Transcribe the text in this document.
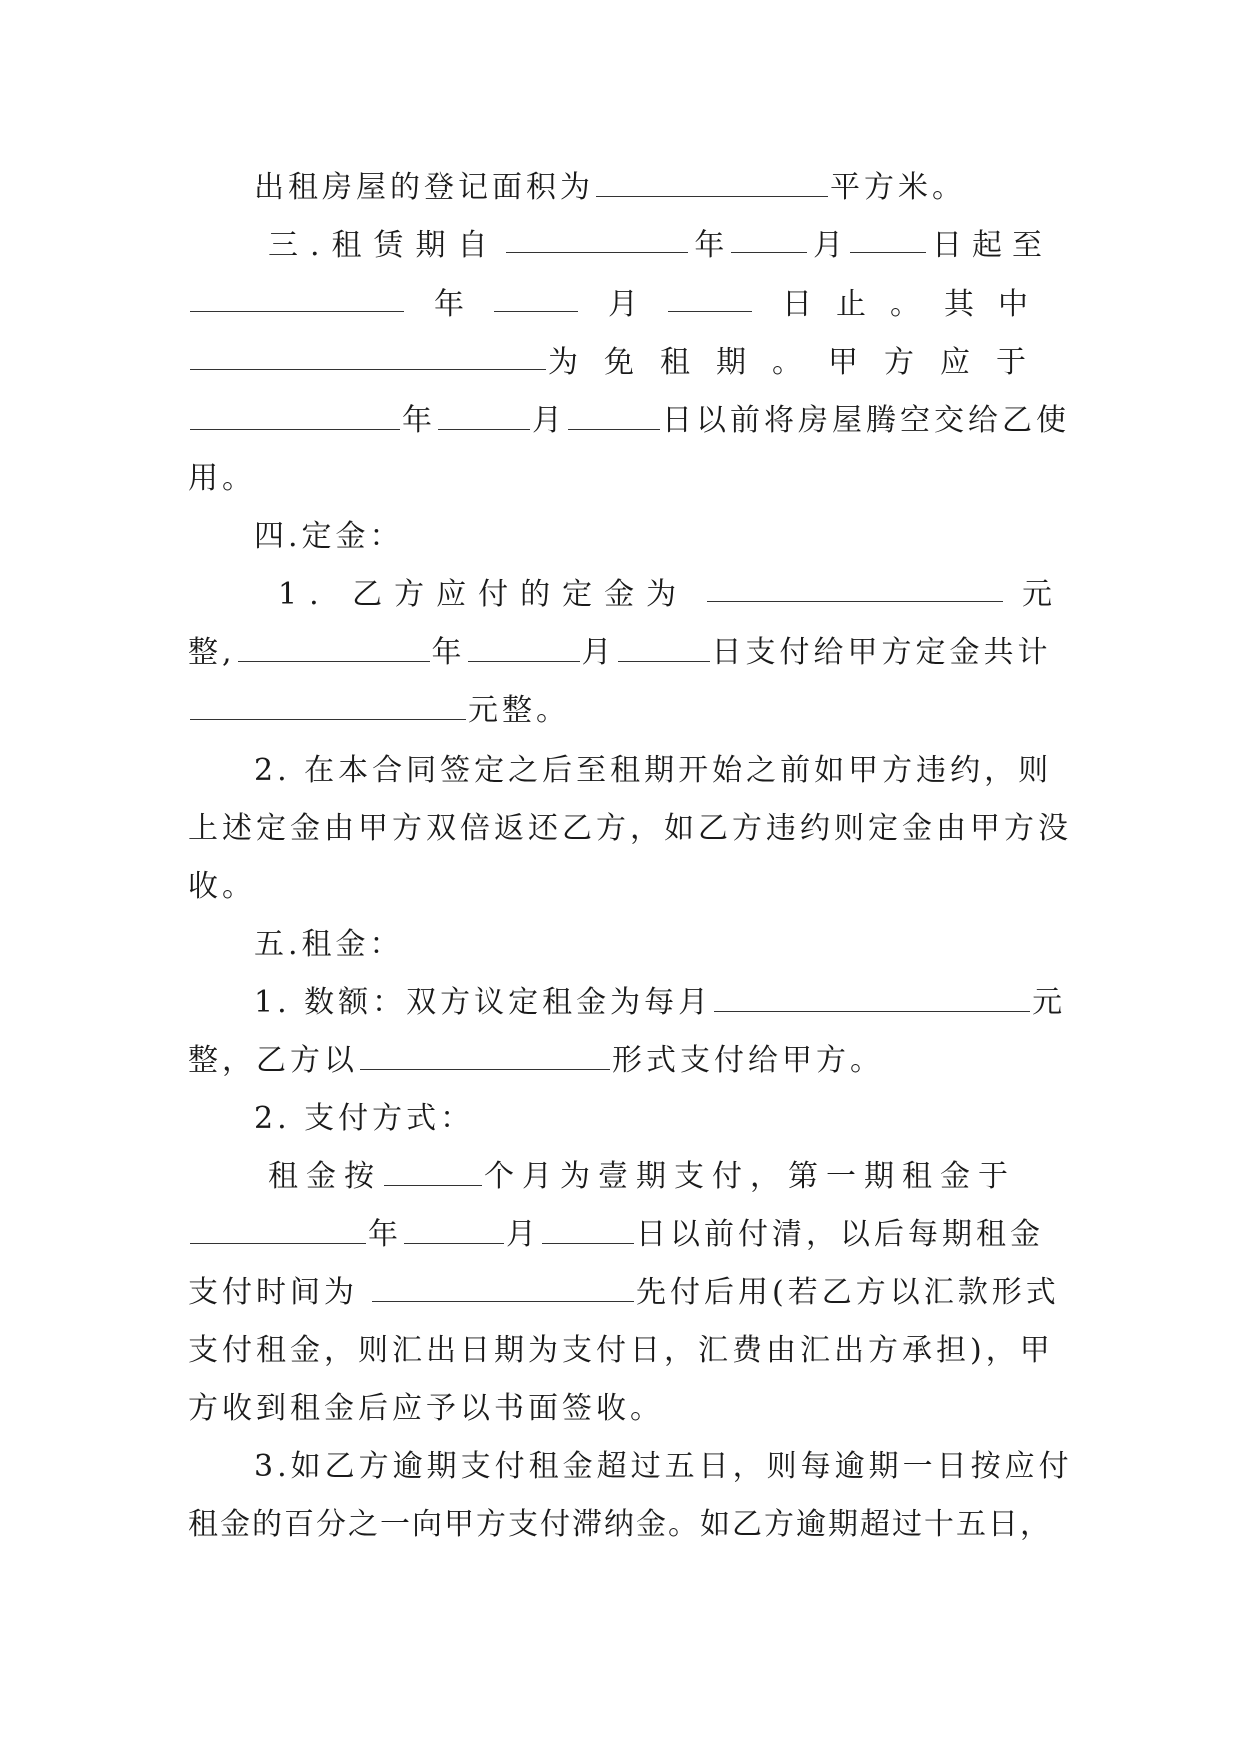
出租房屋的登记面积为	平方米。
三.租赁期自	年	月	日起至
年	月	日止。其中
为免租期。甲方应于
年	月	日以前将房屋腾空交给乙使
用。
四.定金：
1. 乙方应付的定金为	元
整,	年	月	日支付给甲方定金共计
元整。
2. 在本合同签定之后至租期开始之前如甲方违约，则
上述定金由甲方双倍返还乙方，如乙方违约则定金由甲方没
收。
五.租金：
1. 数额：双方议定租金为每月	元
整，乙方以	形式支付给甲方。
2. 支付方式：
租金按	个月为壹期支付，第一期租金于
年	月	日以前付清，以后每期租金
支付时间为	先付后用(若乙方以汇款形式
支付租金，则汇出日期为支付日，汇费由汇出方承担)，甲
方收到租金后应予以书面签收。
3.如乙方逾期支付租金超过五日，则每逾期一日按应付
租金的百分之一向甲方支付滞纳金。如乙方逾期超过十五日，
